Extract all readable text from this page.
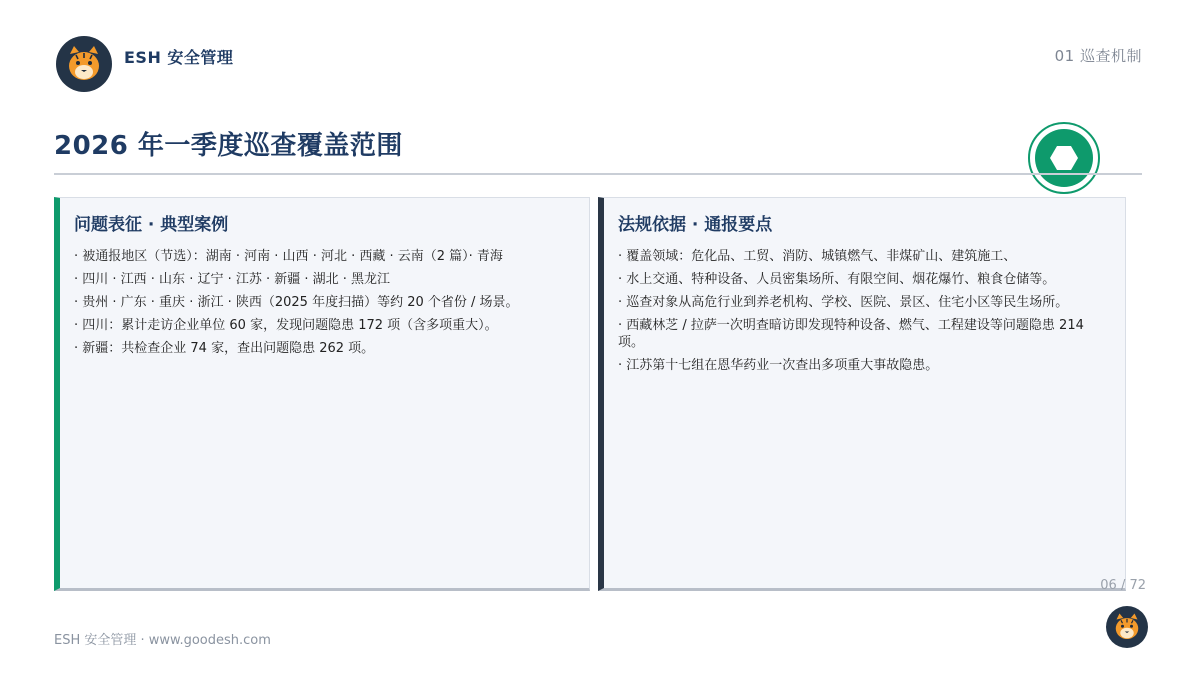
ESH 安全管理	01 巡查机制
2026 年一季度巡查覆盖范围
问题表征 · 典型案例
· 被通报地区（节选）：湖南 · 河南 · 山西 · 河北 · 西藏 · 云南（2 篇）· 青海
· 四川 · 江西 · 山东 · 辽宁 · 江苏 · 新疆 · 湖北 · 黑龙江
· 贵州 · 广东 · 重庆 · 浙江 · 陕西（2025 年度扫描）等约 20 个省份 / 场景。
· 四川：累计走访企业单位 60 家，发现问题隐患 172 项（含多项重大）。
· 新疆：共检查企业 74 家，查出问题隐患 262 项。
法规依据 · 通报要点
· 覆盖领域：危化品、工贸、消防、城镇燃气、非煤矿山、建筑施工、
· 水上交通、特种设备、人员密集场所、有限空间、烟花爆竹、粮食仓储等。
· 巡查对象从高危行业到养老机构、学校、医院、景区、住宅小区等民生场所。
· 西藏林芝 / 拉萨一次明查暗访即发现特种设备、燃气、工程建设等问题隐患 214 项。
· 江苏第十七组在恩华药业一次查出多项重大事故隐患。
06 / 72
ESH 安全管理 · www.goodesh.com
